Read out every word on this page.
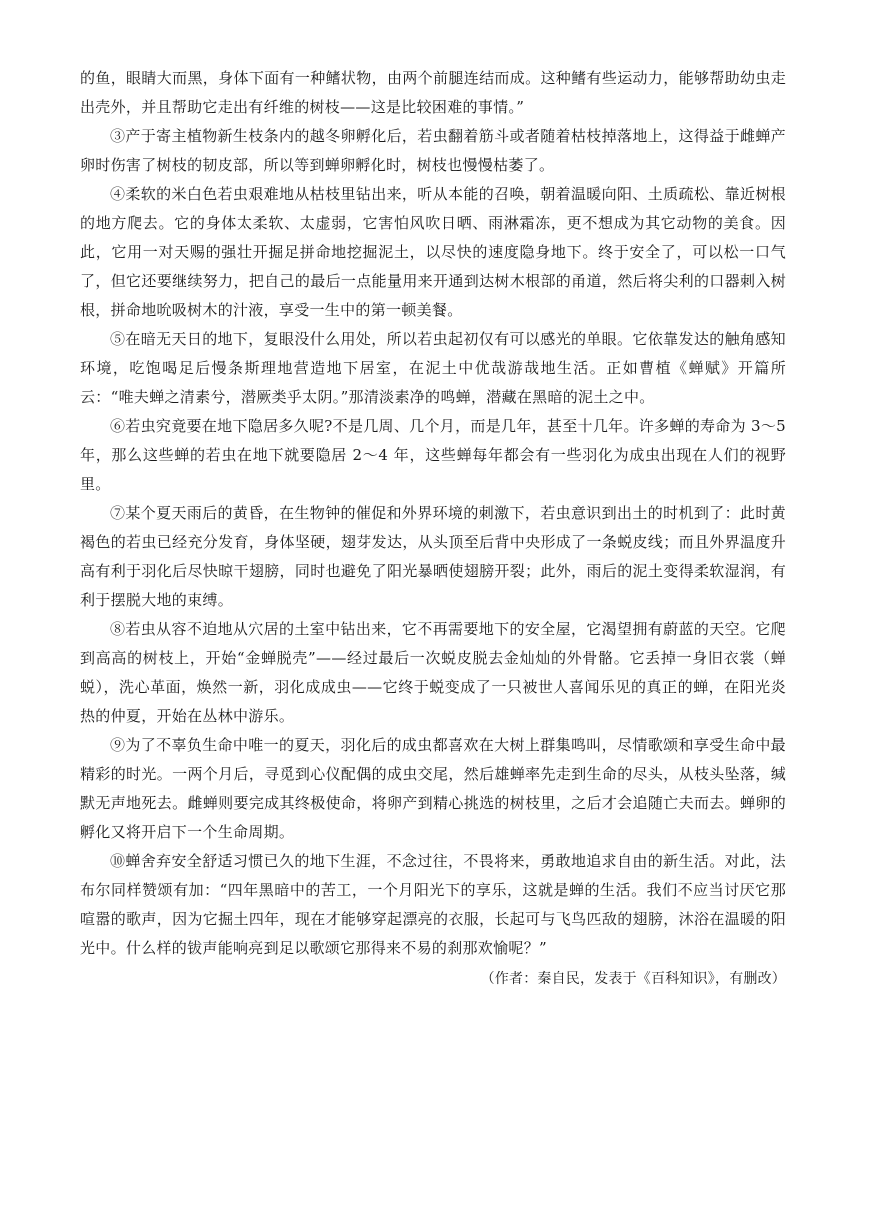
的鱼，眼睛大而黑，身体下面有一种鳍状物，由两个前腿连结而成。这种鳍有些运动力，能够帮助幼虫走出壳外，并且帮助它走出有纤维的树枝——这是比较困难的事情。”

③产于寄主植物新生枝条内的越冬卵孵化后，若虫翻着筋斗或者随着枯枝掉落地上，这得益于雌蝉产卵时伤害了树枝的韧皮部，所以等到蝉卵孵化时，树枝也慢慢枯萎了。

④柔软的米白色若虫艰难地从枯枝里钻出来，听从本能的召唤，朝着温暖向阳、土质疏松、靠近树根的地方爬去。它的身体太柔软、太虚弱，它害怕风吹日晒、雨淋霜冻，更不想成为其它动物的美食。因此，它用一对天赐的强壮开掘足拼命地挖掘泥土，以尽快的速度隐身地下。终于安全了，可以松一口气了，但它还要继续努力，把自己的最后一点能量用来开通到达树木根部的甬道，然后将尖利的口器刺入树根，拼命地吮吸树木的汁液，享受一生中的第一顿美餐。

⑤在暗无天日的地下，复眼没什么用处，所以若虫起初仅有可以感光的单眼。它依靠发达的触角感知环境，吃饱喝足后慢条斯理地营造地下居室，在泥土中优哉游哉地生活。正如曹植《蝉赋》开篇所云：“唯夫蝉之清素兮，潜厥类乎太阴。”那清淡素净的鸣蝉，潜藏在黑暗的泥土之中。

⑥若虫究竟要在地下隐居多久呢?不是几周、几个月，而是几年，甚至十几年。许多蝉的寿命为 3～5 年，那么这些蝉的若虫在地下就要隐居 2～4 年，这些蝉每年都会有一些羽化为成虫出现在人们的视野里。

⑦某个夏天雨后的黄昏，在生物钟的催促和外界环境的刺激下，若虫意识到出土的时机到了：此时黄褐色的若虫已经充分发育，身体坚硬，翅芽发达，从头顶至后背中央形成了一条蜕皮线；而且外界温度升高有利于羽化后尽快晾干翅膀，同时也避免了阳光暴晒使翅膀开裂；此外，雨后的泥土变得柔软湿润，有利于摆脱大地的束缚。

⑧若虫从容不迫地从穴居的土室中钻出来，它不再需要地下的安全屋，它渴望拥有蔚蓝的天空。它爬到高高的树枝上，开始“金蝉脱壳”——经过最后一次蜕皮脱去金灿灿的外骨骼。它丢掉一身旧衣裳（蝉蜕），洗心革面，焕然一新，羽化成成虫——它终于蜕变成了一只被世人喜闻乐见的真正的蝉，在阳光炎热的仲夏，开始在丛林中游乐。

⑨为了不辜负生命中唯一的夏天，羽化后的成虫都喜欢在大树上群集鸣叫，尽情歌颂和享受生命中最精彩的时光。一两个月后，寻觅到心仪配偶的成虫交尾，然后雄蝉率先走到生命的尽头，从枝头坠落，缄默无声地死去。雌蝉则要完成其终极使命，将卵产到精心挑选的树枝里，之后才会追随亡夫而去。蝉卵的孵化又将开启下一个生命周期。

⑩蝉舍弃安全舒适习惯已久的地下生涯，不念过往，不畏将来，勇敢地追求自由的新生活。对此，法布尔同样赞颂有加：“四年黑暗中的苦工，一个月阳光下的享乐，这就是蝉的生活。我们不应当讨厌它那喧嚣的歌声，因为它掘土四年，现在才能够穿起漂亮的衣服，长起可与飞鸟匹敌的翅膀，沐浴在温暖的阳光中。什么样的钹声能响亮到足以歌颂它那得来不易的刹那欢愉呢？”

（作者：秦自民，发表于《百科知识》，有删改）
